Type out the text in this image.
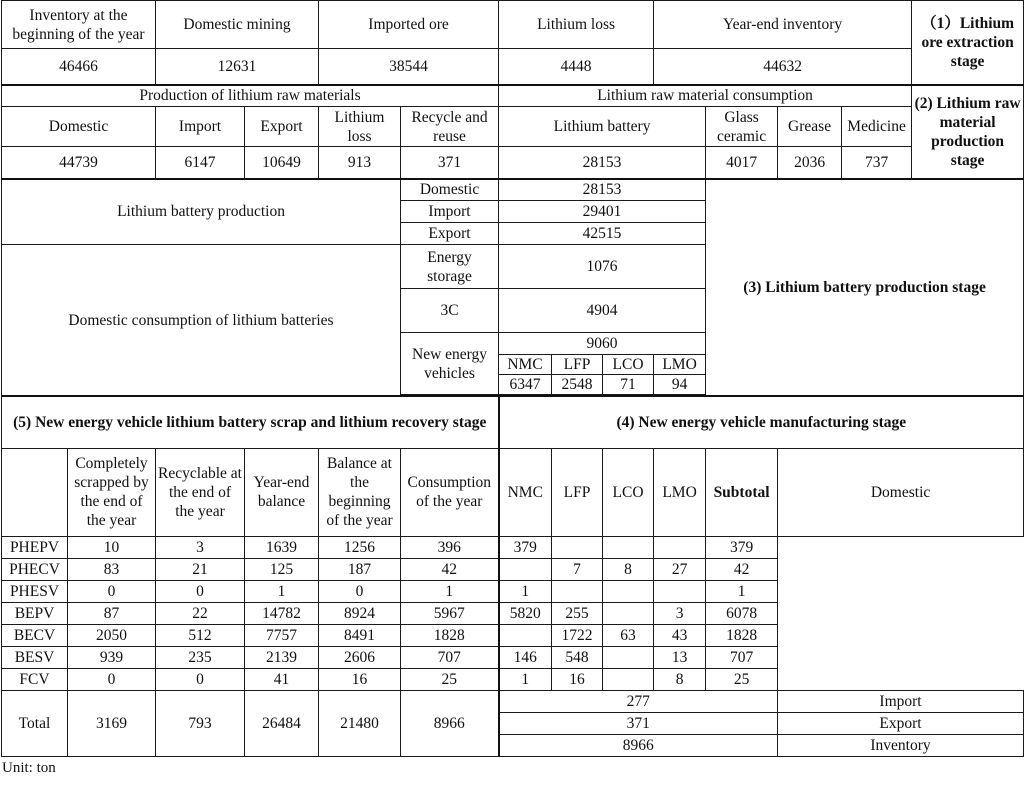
Inventory at the beginning of the year		Domestic mining		Imported ore		Lithium loss			Year-end inventory				（1）Lithium ore extraction stage
46466		12631		38544		4448			44632				
Production of lithium raw materials						Lithium raw material consumption							(2) Lithium raw material production stage
Domestic		Import	Export	Lithium loss	Recycle and reuse	Lithium battery				Glass ceramic	Grease	Medicine	
44739		6147	10649	913	371	28153				4017	2036	737	
Lithium battery production					Domestic	28153				(3) Lithium battery production stage			
					Import	29401							
					Export	42515							
Domestic consumption of lithium batteries					Energy storage	1076							
					3C	4904							
					New energy vehicles	9060							
						NMC	LFP	LCO	LMO				
						6347	2548	71	94				

(5) New energy vehicle lithium battery scrap and lithium recovery stage						(4) New energy vehicle manufacturing stage							
	Completely scrapped by the end of the year	Recyclable at the end of the year	Year-end balance	Balance at the beginning of the year	Consumption of the year	NMC	LFP	LCO	LMO	Subtotal	Domestic		
PHEPV	10	3	1639	1256	396	379				379			
PHECV	83	21	125	187	42		7	8	27	42			
PHESV	0	0	1	0	1	1				1			
BEPV	87	22	14782	8924	5967	5820	255		3	6078			
BECV	2050	512	7757	8491	1828		1722	63	43	1828			
BESV	939	235	2139	2606	707	146	548		13	707			
FCV	0	0	41	16	25	1	16		8	25			
Total	3169	793	26484	21480	8966	277	Import
						371	Export
						8966	Inventory
Unit: ton
